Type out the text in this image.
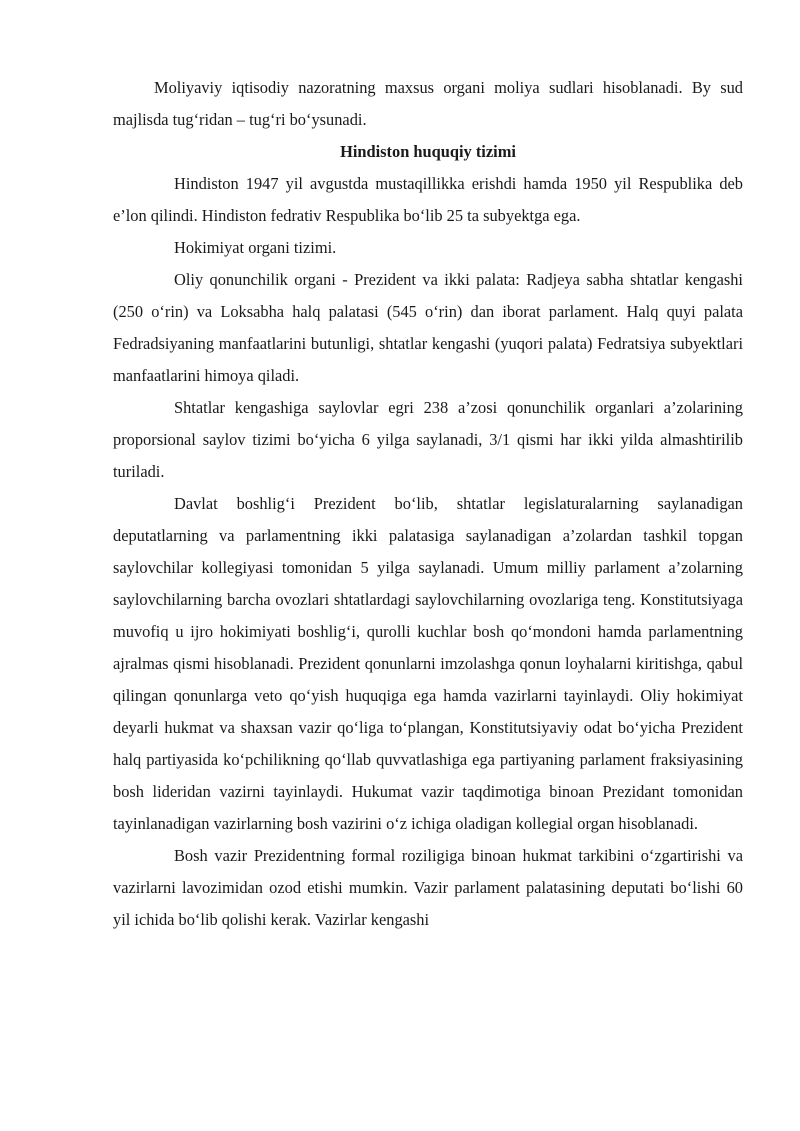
Moliyaviy iqtisodiy nazoratning maxsus organi moliya sudlari hisoblanadi. By sud majlisda tug‘ridan – tug‘ri bo‘ysunadi.

Hindiston huquqiy tizimi

Hindiston 1947 yil avgustda mustaqillikka erishdi hamda 1950 yil Respublika deb e’lon qilindi. Hindiston fedrativ Respublika bo‘lib 25 ta subyektga ega.

Hokimiyat organi tizimi.

Oliy qonunchilik organi - Prezident va ikki palata: Radjeya sabha shtatlar kengashi (250 o‘rin) va Loksabha halq palatasi (545 o‘rin) dan iborat parlament. Halq quyi palata Fedradsiyaning manfaatlarini butunligi, shtatlar kengashi (yuqori palata) Fedratsiya subyektlari manfaatlarini himoya qiladi.

Shtatlar kengashiga saylovlar egri 238 a’zosi qonunchilik organlari a’zolarining proporsional saylov tizimi bo‘yicha 6 yilga saylanadi, 3/1 qismi har ikki yilda almashtirilib turiladi.

Davlat boshlig‘i Prezident bo‘lib, shtatlar legislaturalarning saylanadigan deputatlarning va parlamentning ikki palatasiga saylanadigan a’zolardan tashkil topgan saylovchilar kollegiyasi tomonidan 5 yilga saylanadi. Umum milliy parlament a’zolarning saylovchilarning barcha ovozlari shtatlardagi saylovchilarning ovozlariga teng. Konstitutsiyaga muvofiq u ijro hokimiyati boshlig‘i, qurolli kuchlar bosh qo‘mondoni hamda parlamentning ajralmas qismi hisoblanadi. Prezident qonunlarni imzolashga qonun loyhalarni kiritishga, qabul qilingan qonunlarga veto qo‘yish huquqiga ega hamda vazirlarni tayinlaydi. Oliy hokimiyat deyarli hukmat va shaxsan vazir qo‘liga to‘plangan, Konstitutsiyaviy odat bo‘yicha Prezident halq partiyasida ko‘pchilikning qo‘llab quvvatlashiga ega partiyaning parlament fraksiyasining bosh lideridan vazirni tayinlaydi. Hukumat vazir taqdimotiga binoan Prezidant tomonidan tayinlanadigan vazirlarning bosh vazirini o‘z ichiga oladigan kollegial organ hisoblanadi.

Bosh vazir Prezidentning formal roziligiga binoan hukmat tarkibini o‘zgartirishi va vazirlarni lavozimidan ozod etishi mumkin. Vazir parlament palatasining deputati bo‘lishi 60 yil ichida bo‘lib qolishi kerak. Vazirlar kengashi
